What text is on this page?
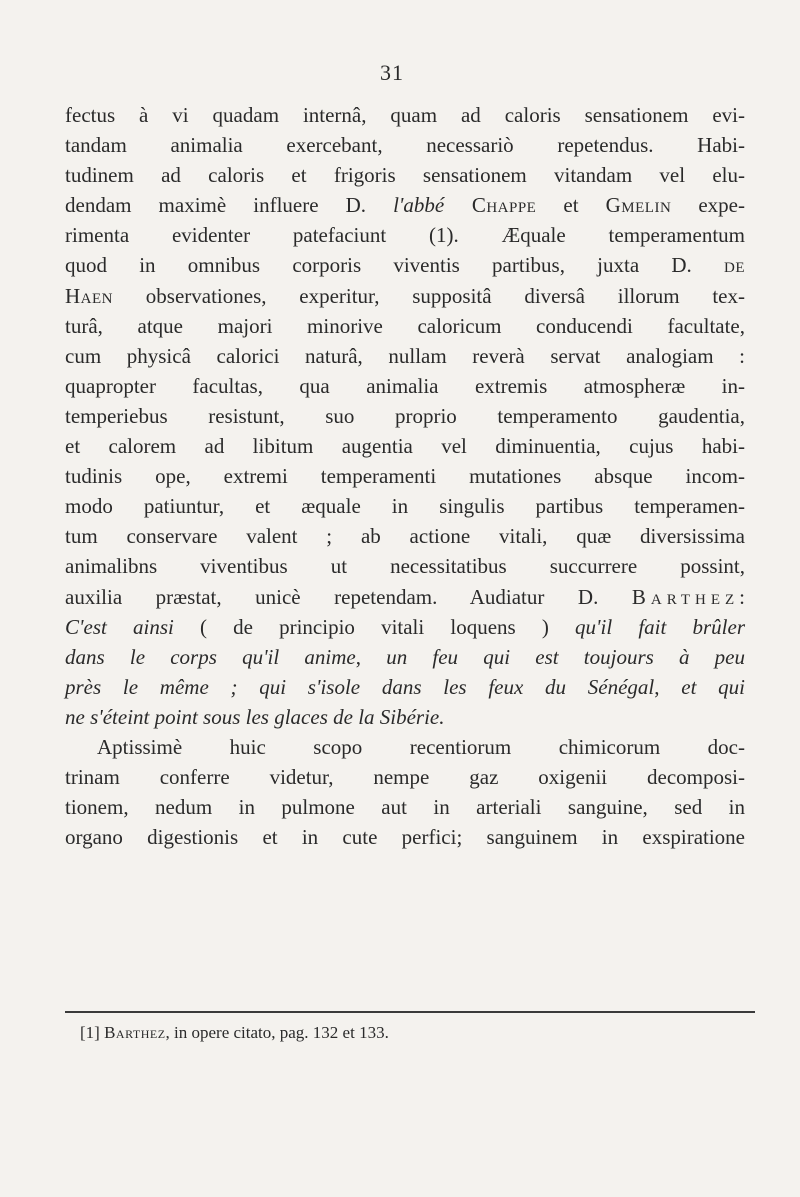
31
fectus à vi quadam internâ, quam ad caloris sensationem evi-
tandam animalia exercebant, necessariò repetendus. Habi-
tudinem ad caloris et frigoris sensationem vitandam vel elu-
dendam maximè influere D. l'abbé Chappe et Gmelin expe-
rimenta evidenter patefaciunt (1). Æquale temperamentum
quod in omnibus corporis viventis partibus, juxta D. de
Haen observationes, experitur, suppositâ diversâ illorum tex-
turâ, atque majori minorive caloricum conducendi facultate,
cum physicâ calorici naturâ, nullam reverà servat analogiam :
quapropter facultas, qua animalia extremis atmospheræ in-
temperiebus resistunt, suo proprio temperamento gaudentia,
et calorem ad libitum augentia vel diminuentia, cujus habi-
tudinis ope, extremi temperamenti mutationes absque incom-
modo patiuntur, et æquale in singulis partibus temperamen-
tum conservare valent ; ab actione vitali, quæ diversissima
animalibns viventibus ut necessitatibus succurrere possint,
auxilia præstat, unicè repetendam. Audiatur D. Barthez:
C'est ainsi ( de principio vitali loquens ) qu'il fait brûler
dans le corps qu'il anime, un feu qui est toujours à peu
près le même ; qui s'isole dans les feux du Sénégal, et qui
ne s'éteint point sous les glaces de la Sibérie.
Aptissimè huic scopo recentiorum chimicorum doc-
trinam conferre videtur, nempe gaz oxigenii decomposi-
tionem, nedum in pulmone aut in arteriali sanguine, sed in
organo digestionis et in cute perfici; sanguinem in exspiratione
[1] Barthez, in opere citato, pag. 132 et 133.
